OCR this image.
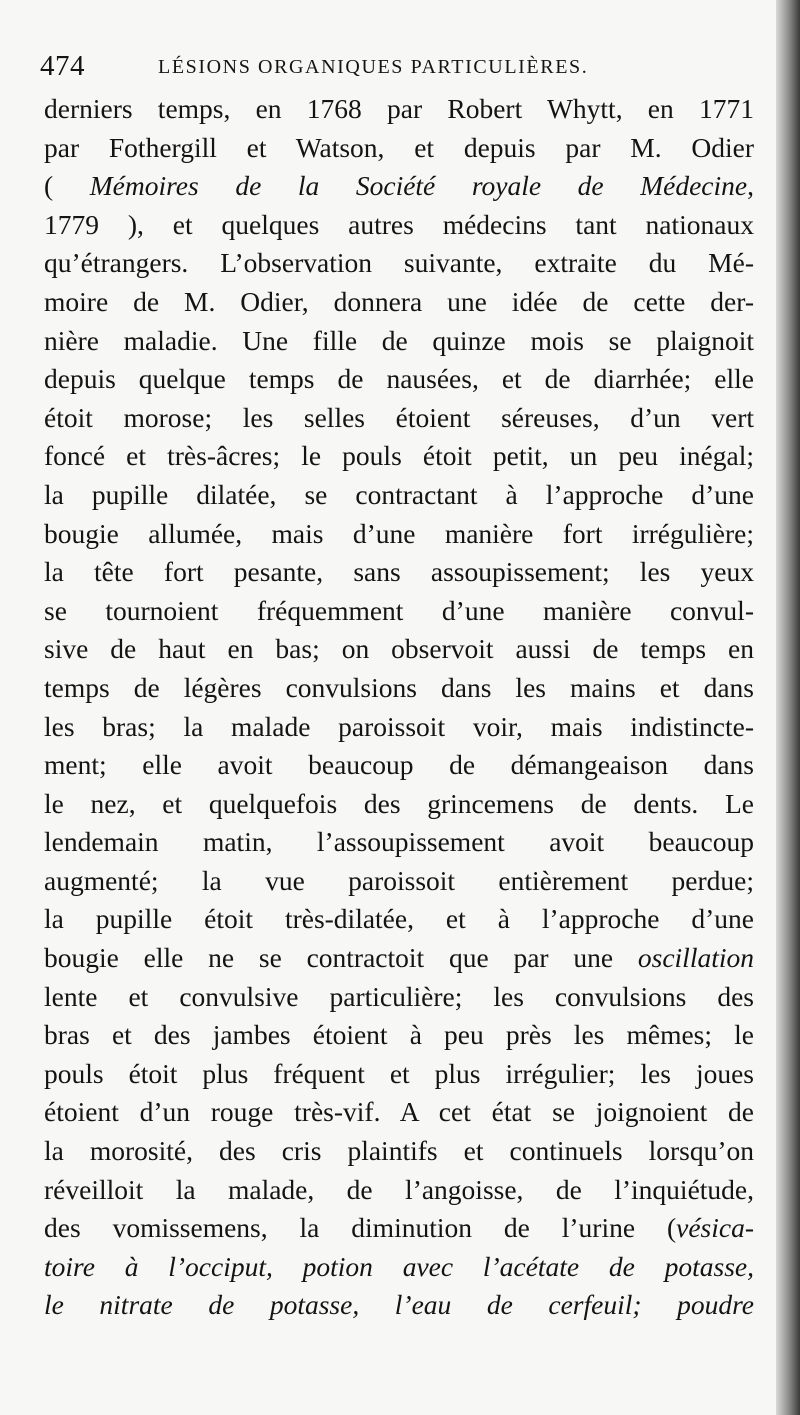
474	LÉSIONS ORGANIQUES PARTICULIÈRES.
derniers temps, en 1768 par Robert Whytt, en 1771
par Fothergill et Watson, et depuis par M. Odier
( Mémoires de la Société royale de Médecine,
1779 ), et quelques autres médecins tant nationaux
qu’étrangers. L’observation suivante, extraite du Mé-
moire de M. Odier, donnera une idée de cette der-
nière maladie. Une fille de quinze mois se plaignoit
depuis quelque temps de nausées, et de diarrhée; elle
étoit morose; les selles étoient séreuses, d’un vert
foncé et très-âcres; le pouls étoit petit, un peu inégal;
la pupille dilatée, se contractant à l’approche d’une
bougie allumée, mais d’une manière fort irrégulière;
la tête fort pesante, sans assoupissement; les yeux
se tournoient fréquemment d’une manière convul-
sive de haut en bas; on observoit aussi de temps en
temps de légères convulsions dans les mains et dans
les bras; la malade paroissoit voir, mais indistincte-
ment; elle avoit beaucoup de démangeaison dans
le nez, et quelquefois des grincemens de dents. Le
lendemain matin, l’assoupissement avoit beaucoup
augmenté; la vue paroissoit entièrement perdue;
la pupille étoit très-dilatée, et à l’approche d’une
bougie elle ne se contractoit que par une oscillation
lente et convulsive particulière; les convulsions des
bras et des jambes étoient à peu près les mêmes; le
pouls étoit plus fréquent et plus irrégulier; les joues
étoient d’un rouge très-vif. A cet état se joignoient de
la morosité, des cris plaintifs et continuels lorsqu’on
réveilloit la malade, de l’angoisse, de l’inquiétude,
des vomissemens, la diminution de l’urine (vésica-
toire à l’occiput, potion avec l’acétate de potasse,
le nitrate de potasse, l’eau de cerfeuil; poudre
